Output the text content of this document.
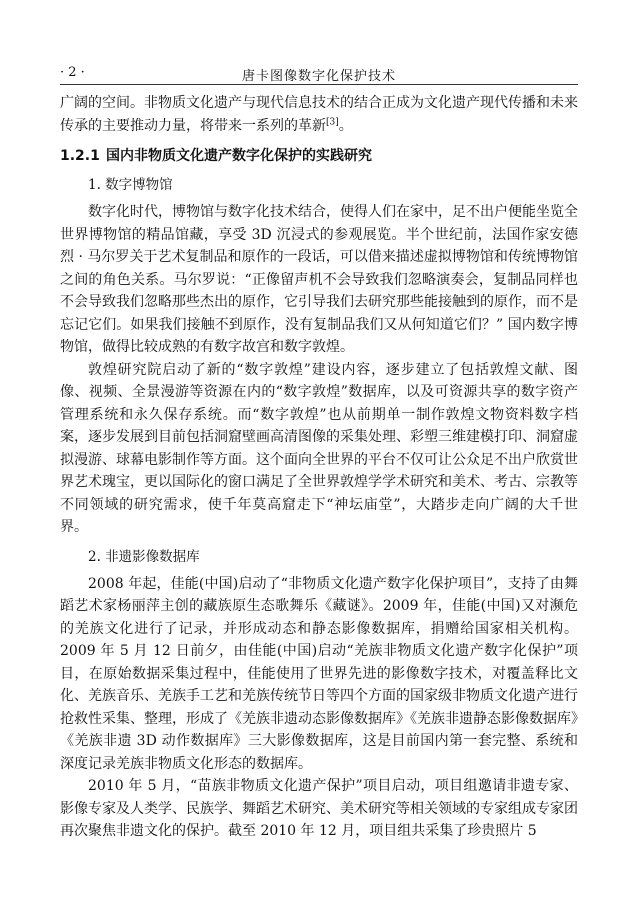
· 2 ·	唐卡图像数字化保护技术

广阔的空间。非物质文化遗产与现代信息技术的结合正成为文化遗产现代传播和未来传承的主要推动力量，将带来一系列的革新[3]。

1.2.1 国内非物质文化遗产数字化保护的实践研究
1. 数字博物馆

数字化时代，博物馆与数字化技术结合，使得人们在家中，足不出户便能坐览全世界博物馆的精品馆藏，享受 3D 沉浸式的参观展览。半个世纪前，法国作家安德烈 · 马尔罗关于艺术复制品和原作的一段话，可以借来描述虚拟博物馆和传统博物馆之间的角色关系。马尔罗说：“正像留声机不会导致我们忽略演奏会，复制品同样也不会导致我们忽略那些杰出的原作，它引导我们去研究那些能接触到的原作，而不是忘记它们。如果我们接触不到原作，没有复制品我们又从何知道它们？” 国内数字博物馆，做得比较成熟的有数字故宫和数字敦煌。

敦煌研究院启动了新的“数字敦煌”建设内容，逐步建立了包括敦煌文献、图像、视频、全景漫游等资源在内的“数字敦煌”数据库，以及可资源共享的数字资产管理系统和永久保存系统。而“数字敦煌”也从前期单一制作敦煌文物资料数字档案，逐步发展到目前包括洞窟壁画高清图像的采集处理、彩塑三维建模打印、洞窟虚拟漫游、球幕电影制作等方面。这个面向全世界的平台不仅可让公众足不出户欣赏世界艺术瑰宝，更以国际化的窗口满足了全世界敦煌学学术研究和美术、考古、宗教等不同领域的研究需求，使千年莫高窟走下“神坛庙堂”，大踏步走向广阔的大千世界。

2. 非遗影像数据库

2008 年起，佳能(中国)启动了“非物质文化遗产数字化保护项目”，支持了由舞蹈艺术家杨丽萍主创的藏族原生态歌舞乐《藏谜》。2009 年，佳能(中国)又对濒危的羌族文化进行了记录，并形成动态和静态影像数据库，捐赠给国家相关机构。2009 年 5 月 12 日前夕，由佳能(中国)启动“羌族非物质文化遗产数字化保护”项目，在原始数据采集过程中，佳能使用了世界先进的影像数字技术，对覆盖释比文化、羌族音乐、羌族手工艺和羌族传统节日等四个方面的国家级非物质文化遗产进行抢救性采集、整理，形成了《羌族非遗动态影像数据库》《羌族非遗静态影像数据库》《羌族非遗 3D 动作数据库》三大影像数据库，这是目前国内第一套完整、系统和深度记录羌族非物质文化形态的数据库。

2010 年 5 月，“苗族非物质文化遗产保护”项目启动，项目组邀请非遗专家、影像专家及人类学、民族学、舞蹈艺术研究、美术研究等相关领域的专家组成专家团再次聚焦非遗文化的保护。截至 2010 年 12 月，项目组共采集了珍贵照片 5
